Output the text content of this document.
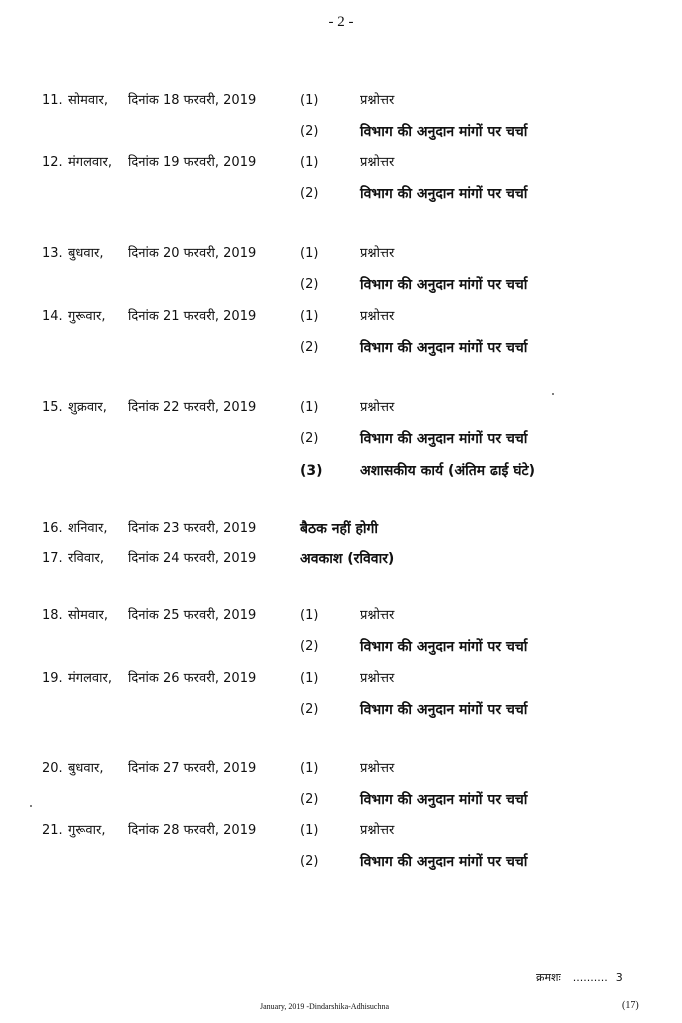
- 2 -
11. सोमवार, दिनांक 18 फरवरी, 2019	(1)	प्रश्नोत्तर
(2)	विभाग की अनुदान मांगों पर चर्चा
12. मंगलवार, दिनांक 19 फरवरी, 2019	(1)	प्रश्नोत्तर
(2)	विभाग की अनुदान मांगों पर चर्चा
13. बुधवार, दिनांक 20 फरवरी, 2019	(1)	प्रश्नोत्तर
(2)	विभाग की अनुदान मांगों पर चर्चा
14. गुरूवार, दिनांक 21 फरवरी, 2019	(1)	प्रश्नोत्तर
(2)	विभाग की अनुदान मांगों पर चर्चा
15. शुक्रवार, दिनांक 22 फरवरी, 2019	(1)	प्रश्नोत्तर
(2)	विभाग की अनुदान मांगों पर चर्चा
(3)	अशासकीय कार्य (अंतिम ढाई घंटे)
16. शनिवार, दिनांक 23 फरवरी, 2019	बैठक नहीं होगी
17. रविवार, दिनांक 24 फरवरी, 2019	अवकाश (रविवार)
18. सोमवार, दिनांक 25 फरवरी, 2019	(1)	प्रश्नोत्तर
(2)	विभाग की अनुदान मांगों पर चर्चा
19. मंगलवार, दिनांक 26 फरवरी, 2019	(1)	प्रश्नोत्तर
(2)	विभाग की अनुदान मांगों पर चर्चा
20. बुधवार, दिनांक 27 फरवरी, 2019	(1)	प्रश्नोत्तर
(2)	विभाग की अनुदान मांगों पर चर्चा
21. गुरूवार, दिनांक 28 फरवरी, 2019	(1)	प्रश्नोत्तर
(2)	विभाग की अनुदान मांगों पर चर्चा
क्रमशः .......... 3
January, 2019 -Dindarshika-Adhisuchna	(17)
